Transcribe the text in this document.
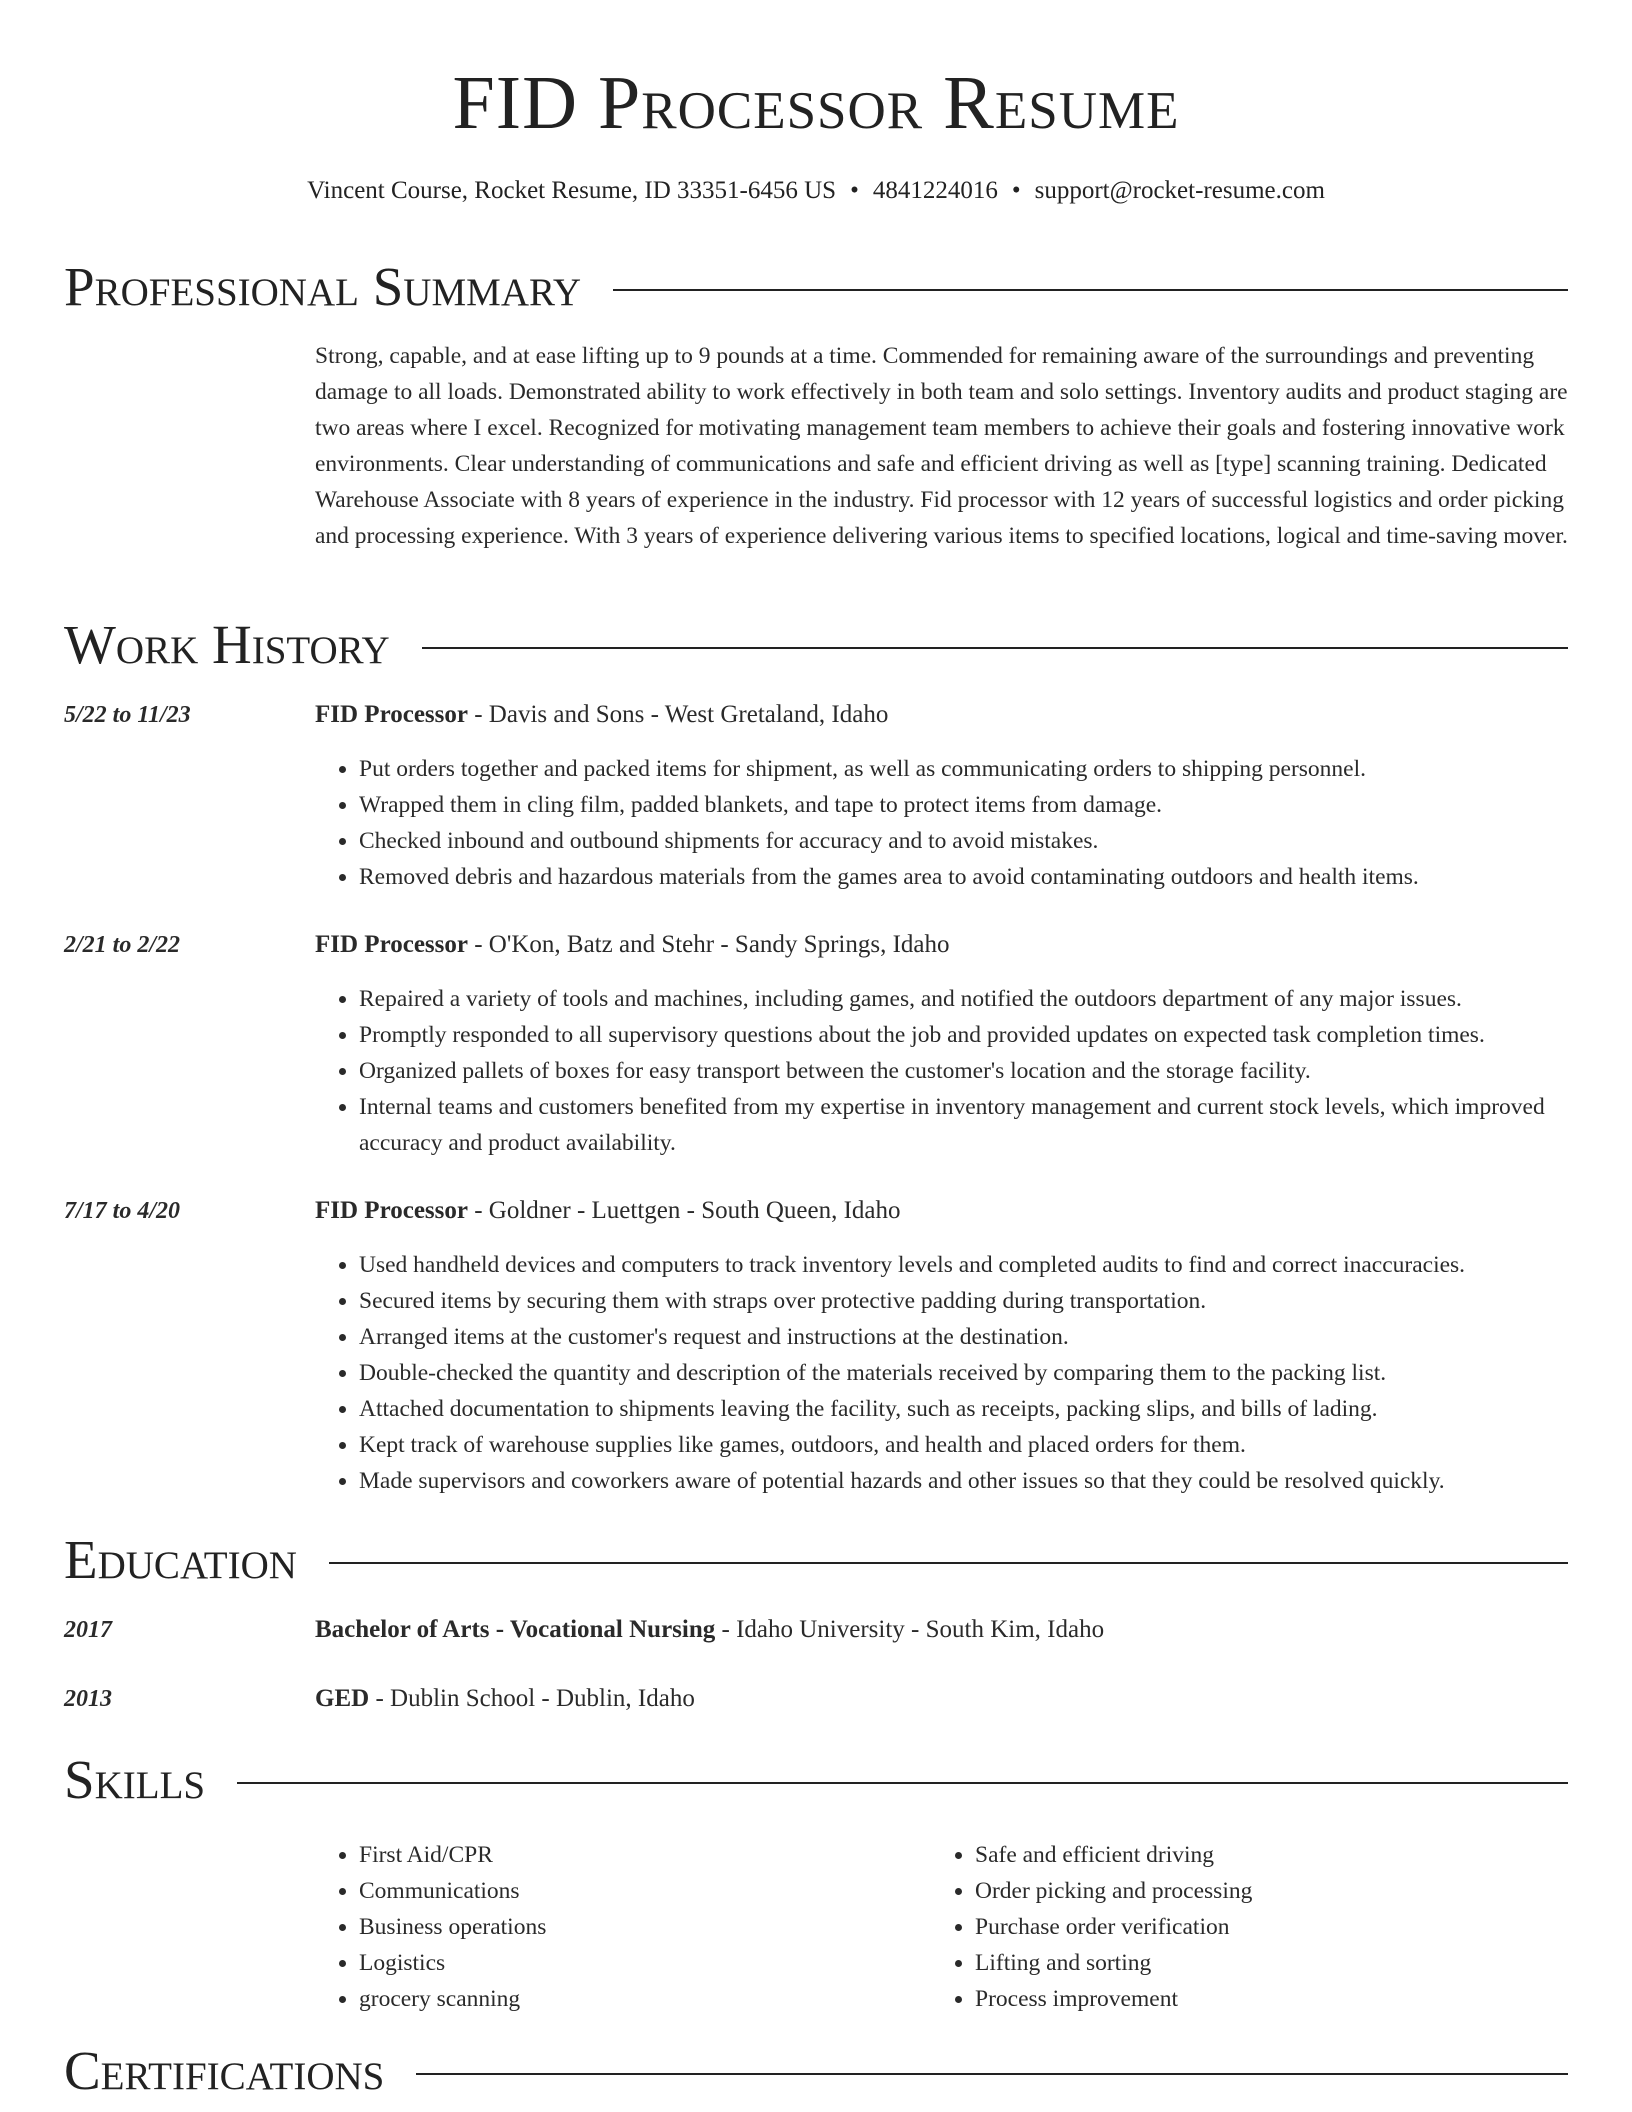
FID Processor Resume
Vincent Course, Rocket Resume, ID 33351-6456 US • 4841224016 • support@rocket-resume.com
Professional Summary
Strong, capable, and at ease lifting up to 9 pounds at a time. Commended for remaining aware of the surroundings and preventing damage to all loads. Demonstrated ability to work effectively in both team and solo settings. Inventory audits and product staging are two areas where I excel. Recognized for motivating management team members to achieve their goals and fostering innovative work environments. Clear understanding of communications and safe and efficient driving as well as [type] scanning training. Dedicated Warehouse Associate with 8 years of experience in the industry. Fid processor with 12 years of successful logistics and order picking and processing experience. With 3 years of experience delivering various items to specified locations, logical and time-saving mover.
Work History
5/22 to 11/23	FID Processor - Davis and Sons - West Gretaland, Idaho
• Put orders together and packed items for shipment, as well as communicating orders to shipping personnel.
• Wrapped them in cling film, padded blankets, and tape to protect items from damage.
• Checked inbound and outbound shipments for accuracy and to avoid mistakes.
• Removed debris and hazardous materials from the games area to avoid contaminating outdoors and health items.
2/21 to 2/22	FID Processor - O'Kon, Batz and Stehr - Sandy Springs, Idaho
• Repaired a variety of tools and machines, including games, and notified the outdoors department of any major issues.
• Promptly responded to all supervisory questions about the job and provided updates on expected task completion times.
• Organized pallets of boxes for easy transport between the customer's location and the storage facility.
• Internal teams and customers benefited from my expertise in inventory management and current stock levels, which improved accuracy and product availability.
7/17 to 4/20	FID Processor - Goldner - Luettgen - South Queen, Idaho
• Used handheld devices and computers to track inventory levels and completed audits to find and correct inaccuracies.
• Secured items by securing them with straps over protective padding during transportation.
• Arranged items at the customer's request and instructions at the destination.
• Double-checked the quantity and description of the materials received by comparing them to the packing list.
• Attached documentation to shipments leaving the facility, such as receipts, packing slips, and bills of lading.
• Kept track of warehouse supplies like games, outdoors, and health and placed orders for them.
• Made supervisors and coworkers aware of potential hazards and other issues so that they could be resolved quickly.
Education
2017	Bachelor of Arts - Vocational Nursing - Idaho University - South Kim, Idaho
2013	GED - Dublin School - Dublin, Idaho
Skills
• First Aid/CPR
• Communications
• Business operations
• Logistics
• grocery scanning
• Safe and efficient driving
• Order picking and processing
• Purchase order verification
• Lifting and sorting
• Process improvement
Certifications
